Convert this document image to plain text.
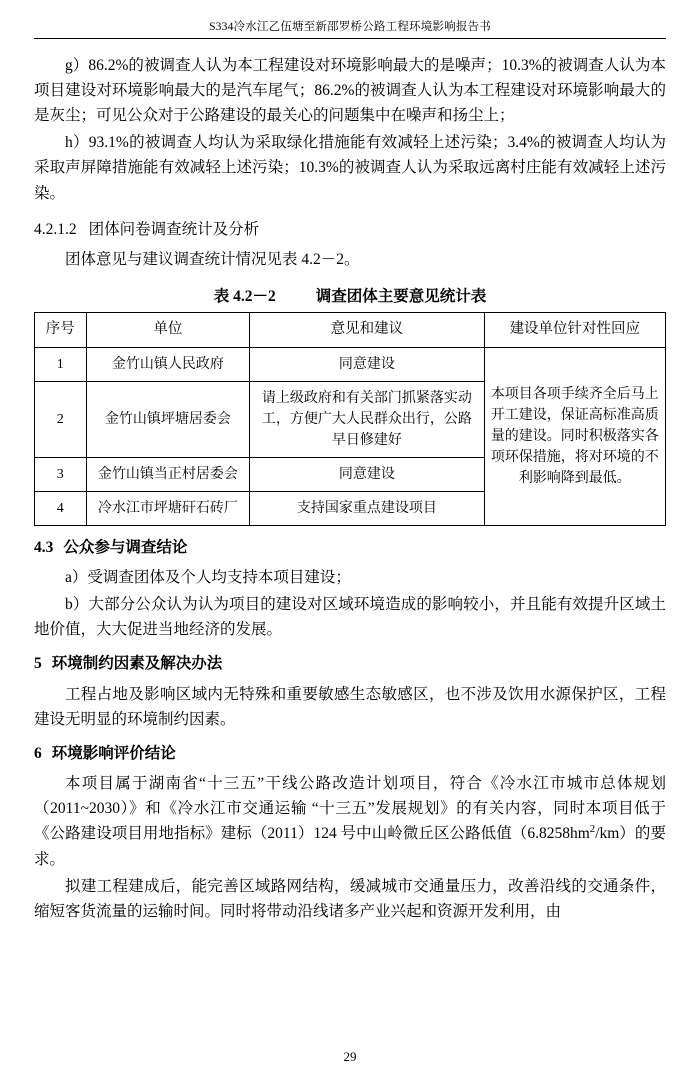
S334冷水江乙伍塘至新邵罗桥公路工程环境影响报告书

g）86.2%的被调查人认为本工程建设对环境影响最大的是噪声；10.3%的被调查人认为本项目建设对环境影响最大的是汽车尾气；86.2%的被调查人认为本工程建设对环境影响最大的是灰尘；可见公众对于公路建设的最关心的问题集中在噪声和扬尘上；

h）93.1%的被调查人均认为采取绿化措施能有效减轻上述污染；3.4%的被调查人均认为采取声屏障措施能有效减轻上述污染；10.3%的被调查人认为采取远离村庄能有效减轻上述污染。

4.2.1.2 团体问卷调查统计及分析

团体意见与建议调查统计情况见表 4.2－2。

表 4.2－2	调查团体主要意见统计表
序号	单位	意见和建议	建设单位针对性回应
1	金竹山镇人民政府	同意建设	本项目各项手续齐全后马上开工建设，保证高标准高质量的建设。同时积极落实各项环保措施，将对环境的不利影响降到最低。
2	金竹山镇坪塘居委会	请上级政府和有关部门抓紧落实动工，方便广大人民群众出行，公路早日修建好	
3	金竹山镇当正村居委会	同意建设	
4	冷水江市坪塘矸石砖厂	支持国家重点建设项目	
4.3 公众参与调查结论

a）受调查团体及个人均支持本项目建设；

b）大部分公众认为认为项目的建设对区域环境造成的影响较小，并且能有效提升区域土地价值，大大促进当地经济的发展。

5 环境制约因素及解决办法

工程占地及影响区域内无特殊和重要敏感生态敏感区，也不涉及饮用水源保护区，工程建设无明显的环境制约因素。

6 环境影响评价结论

本项目属于湖南省“十三五”干线公路改造计划项目，符合《冷水江市城市总体规划（2011~2030）》和《冷水江市交通运输 “十三五”发展规划》的有关内容，同时本项目低于《公路建设项目用地指标》建标（2011）124 号中山岭微丘区公路低值$(6.8258hm^2/km)$的要求。

拟建工程建成后，能完善区域路网结构，缓减城市交通量压力，改善沿线的交通条件，缩短客货流量的运输时间。同时将带动沿线诸多产业兴起和资源开发利用，由

29
